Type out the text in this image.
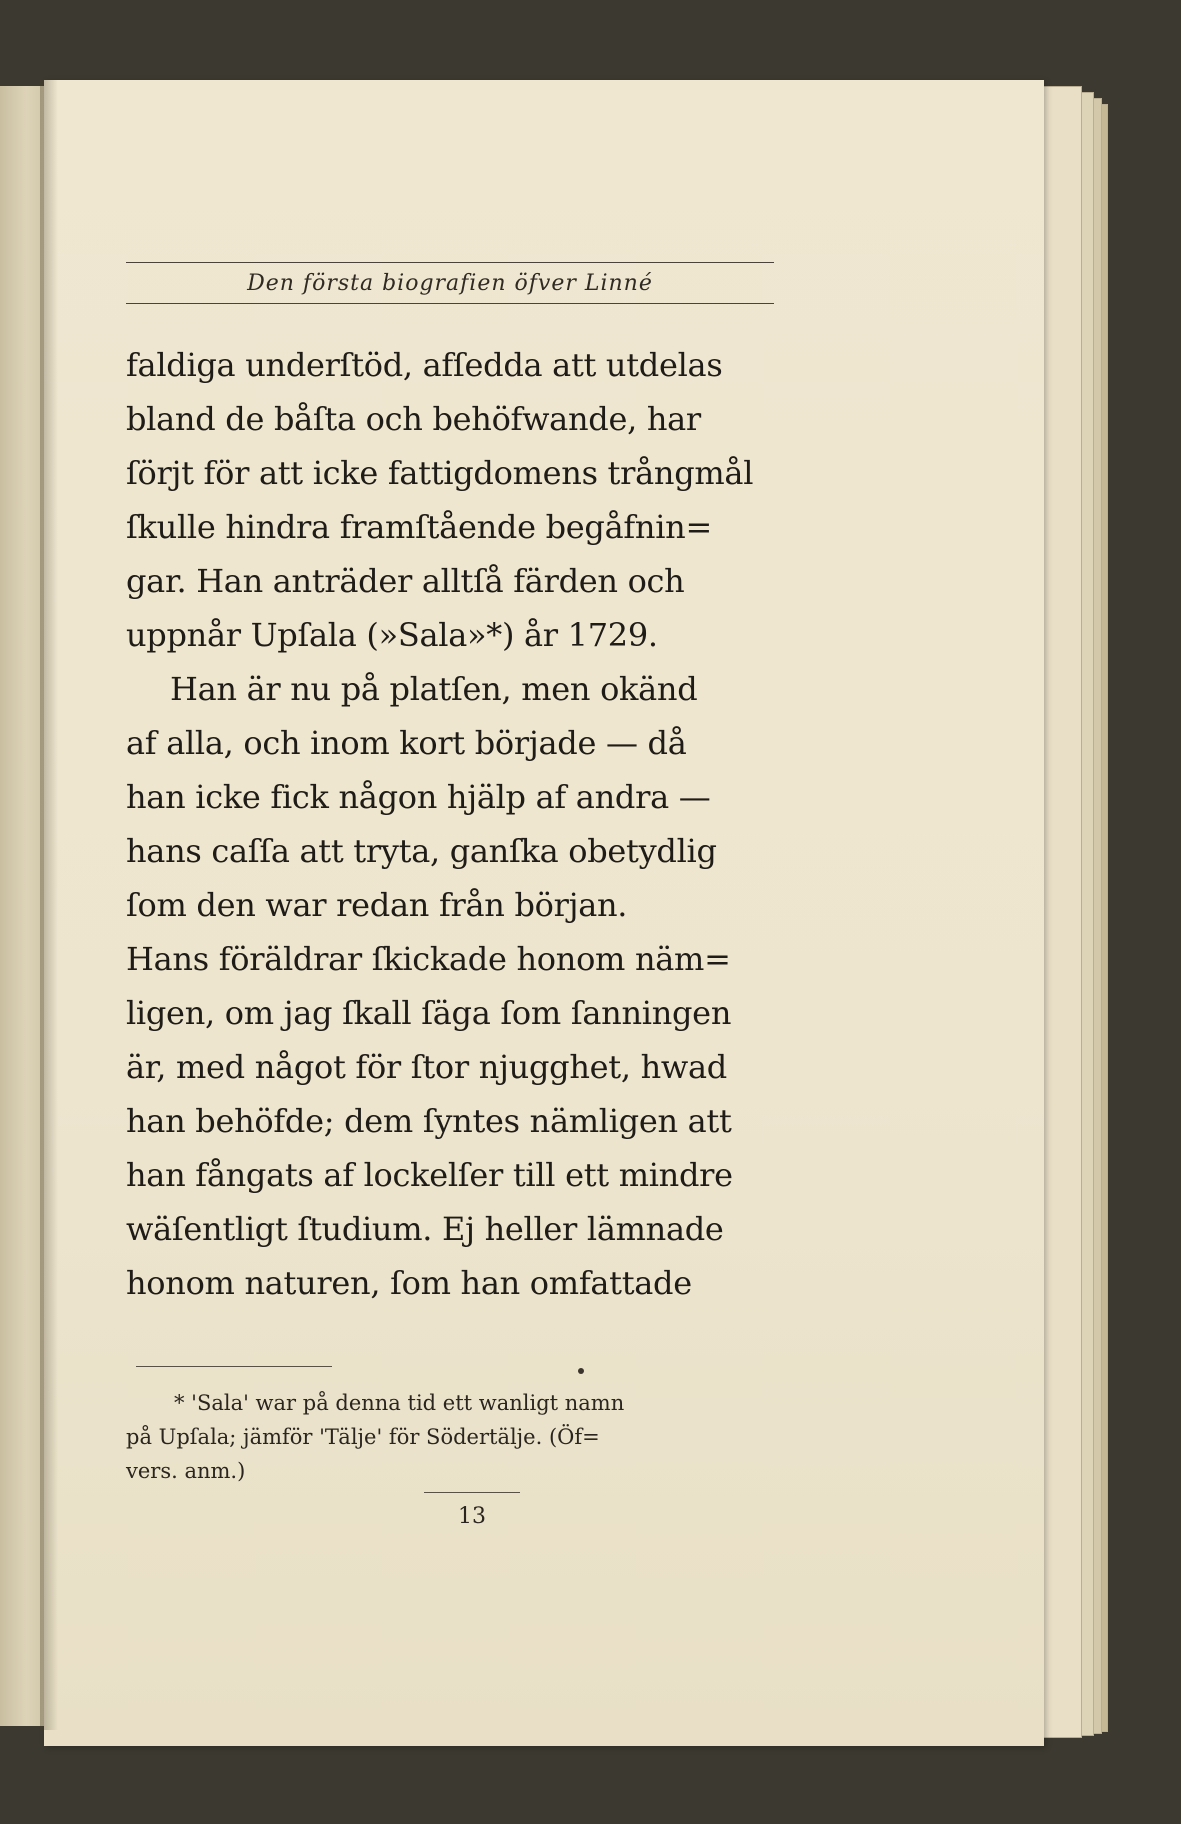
Den första biografien öfver Linné
faldiga underſtöd, afſedda att utdelas
bland de båſta och behöfwande, har
ſörjt för att icke fattigdomens trångmål
ſkulle hindra framſtående begåfnin=
gar. Han anträder alltſå färden och
uppnår Upſala (»Sala»*) år 1729.
Han är nu på platſen, men okänd
af alla, och inom kort började — då
han icke fick någon hjälp af andra —
hans caſſa att tryta, ganſka obetydlig
ſom den war redan från början.
Hans föräldrar ſkickade honom näm=
ligen, om jag ſkall ſäga ſom ſanningen
är, med något för ſtor njugghet, hwad
han behöfde; dem ſyntes nämligen att
han fångats af lockelſer till ett mindre
wäſentligt ſtudium. Ej heller lämnade
honom naturen, ſom han omfattade
* 'Sala' war på denna tid ett wanligt namn
på Upſala; jämför 'Tälje' för Södertälje. (Öf=
vers. anm.)
13
